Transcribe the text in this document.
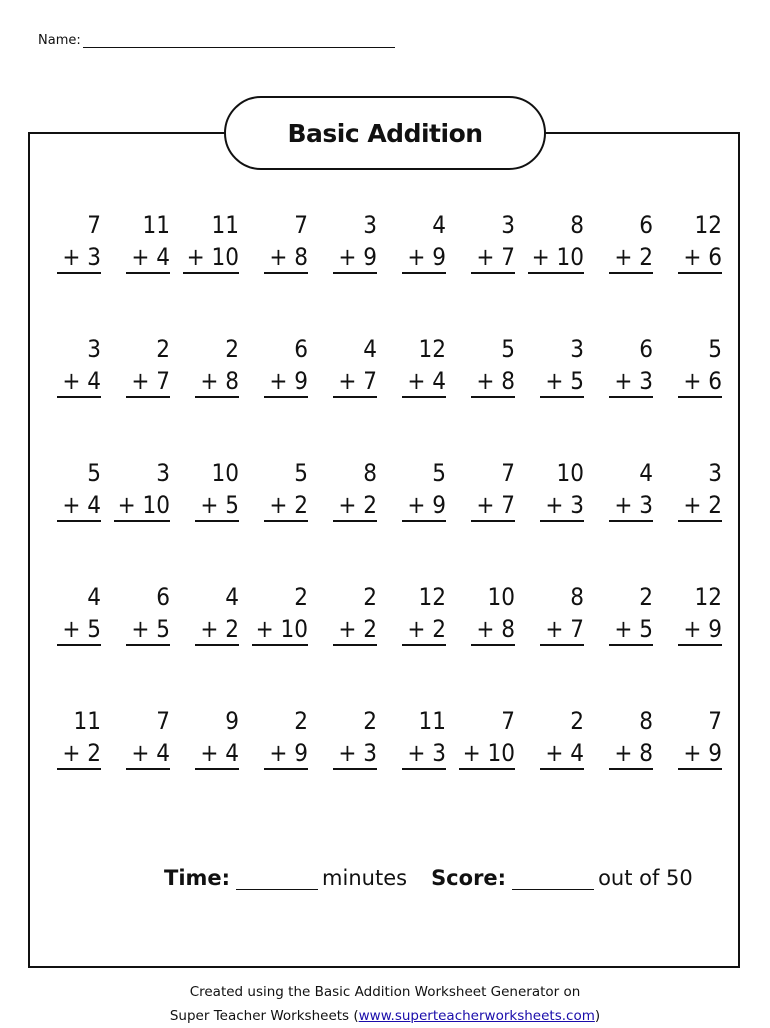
Name:
Basic Addition
7
+ 3
11
+ 4
11
+ 10
7
+ 8
3
+ 9
4
+ 9
3
+ 7
8
+ 10
6
+ 2
12
+ 6
3
+ 4
2
+ 7
2
+ 8
6
+ 9
4
+ 7
12
+ 4
5
+ 8
3
+ 5
6
+ 3
5
+ 6
5
+ 4
3
+ 10
10
+ 5
5
+ 2
8
+ 2
5
+ 9
7
+ 7
10
+ 3
4
+ 3
3
+ 2
4
+ 5
6
+ 5
4
+ 2
2
+ 10
2
+ 2
12
+ 2
10
+ 8
8
+ 7
2
+ 5
12
+ 9
11
+ 2
7
+ 4
9
+ 4
2
+ 9
2
+ 3
11
+ 3
7
+ 10
2
+ 4
8
+ 8
7
+ 9
Time:	minutes Score:	out of 50
Created using the Basic Addition Worksheet Generator on
Super Teacher Worksheets (www.superteacherworksheets.com)
